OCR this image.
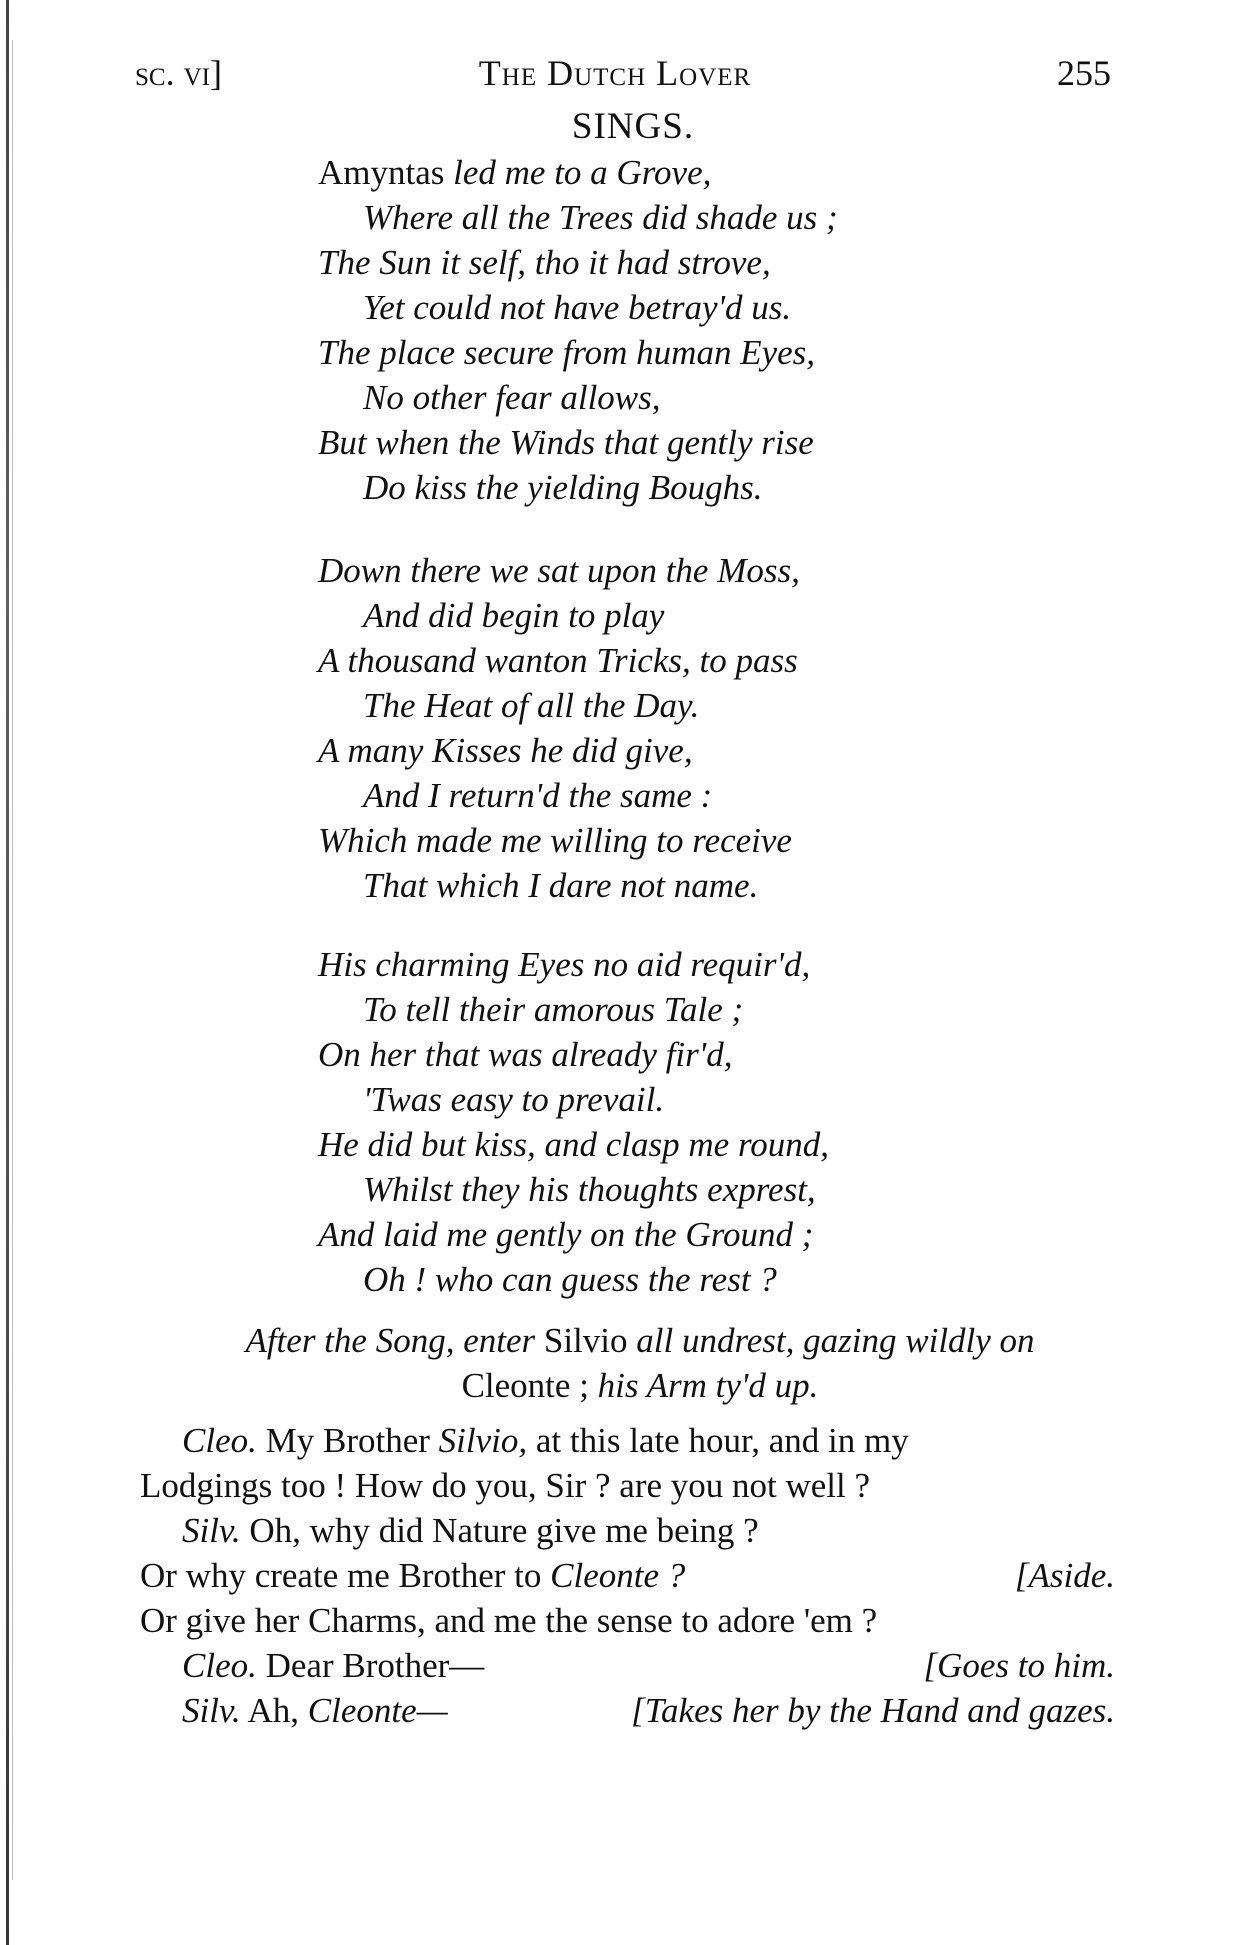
sc. vi]	The Dutch Lover	255
SINGS.
Amyntas led me to a Grove,
Where all the Trees did shade us ;
The Sun it self, tho it had strove,
Yet could not have betray'd us.
The place secure from human Eyes,
No other fear allows,
But when the Winds that gently rise
Do kiss the yielding Boughs.
Down there we sat upon the Moss,
And did begin to play
A thousand wanton Tricks, to pass
The Heat of all the Day.
A many Kisses he did give,
And I return'd the same :
Which made me willing to receive
That which I dare not name.
His charming Eyes no aid requir'd,
To tell their amorous Tale ;
On her that was already fir'd,
'Twas easy to prevail.
He did but kiss, and clasp me round,
Whilst they his thoughts exprest,
And laid me gently on the Ground ;
Oh ! who can guess the rest ?
After the Song, enter Silvio all undrest, gazing wildly on
Cleonte ; his Arm ty'd up.
Cleo. My Brother Silvio, at this late hour, and in my
Lodgings too ! How do you, Sir ? are you not well ?
Silv. Oh, why did Nature give me being ?
Or why create me Brother to Cleonte ?	[Aside.
Or give her Charms, and me the sense to adore 'em ?
Cleo. Dear Brother—	[Goes to him.
Silv. Ah, Cleonte—	[Takes her by the Hand and gazes.
